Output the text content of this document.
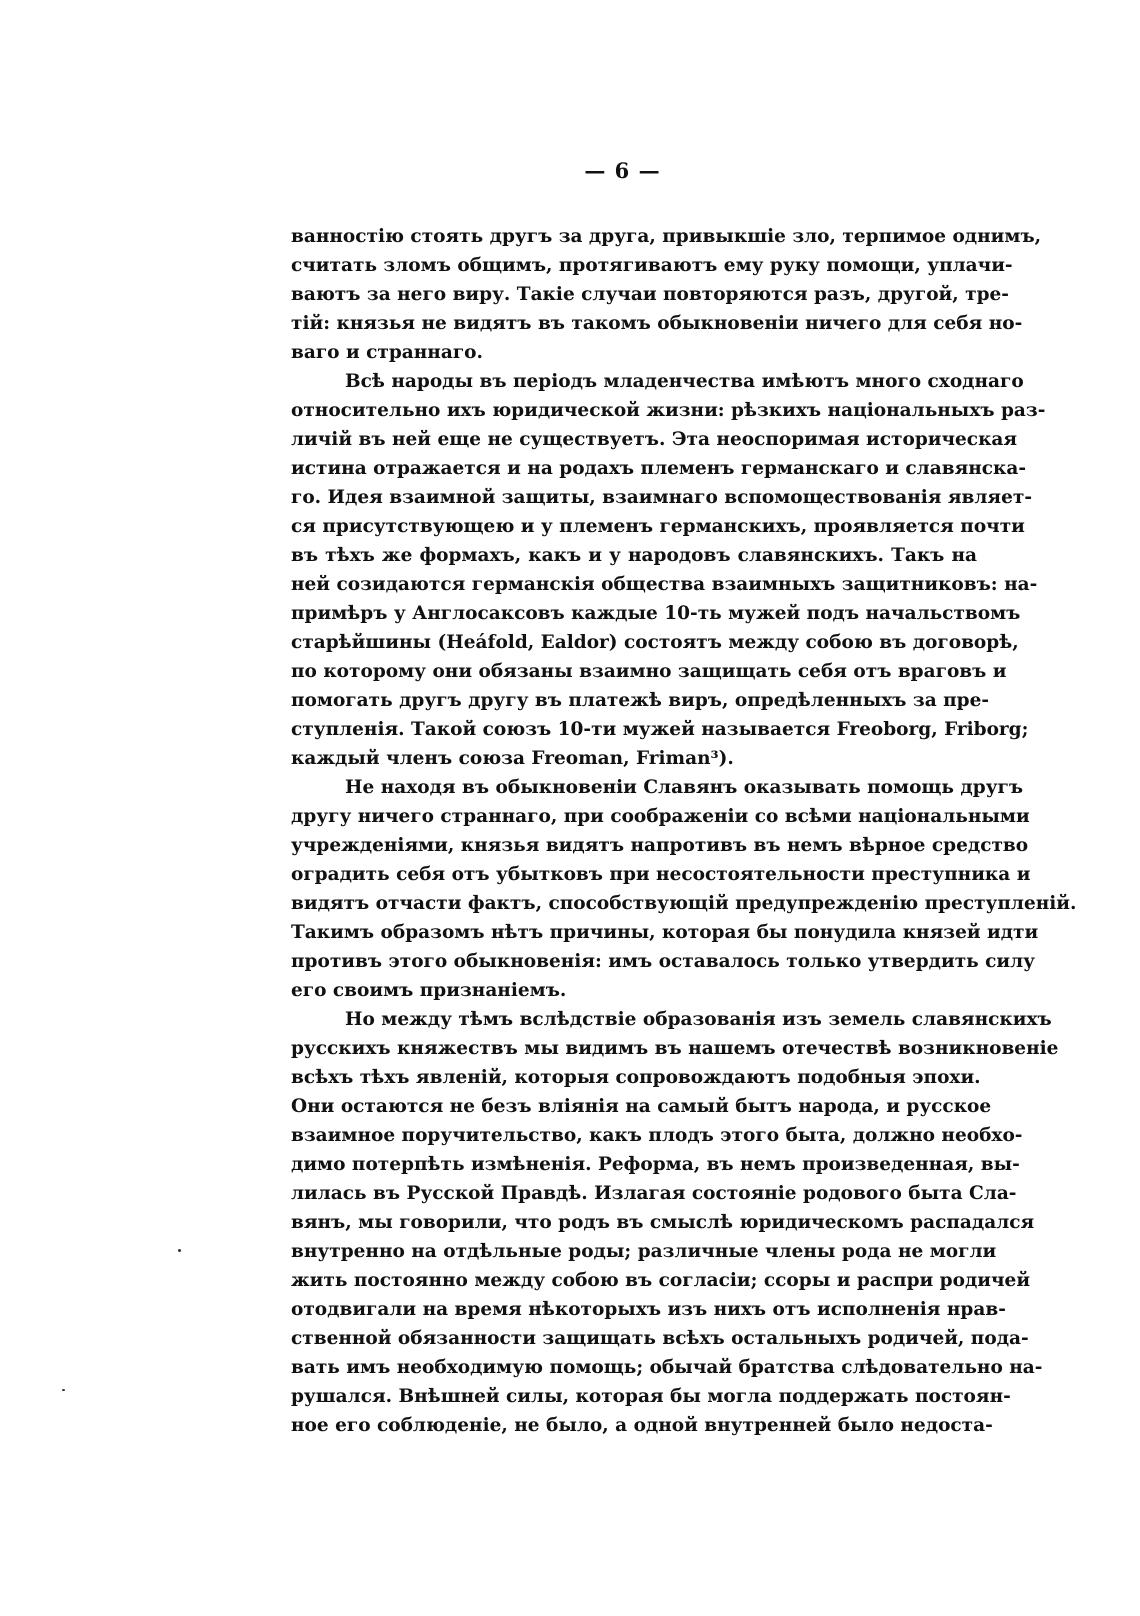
— 6 —
ванностію стоять другъ за друга, привыкшіе зло, терпимое однимъ,
считать зломъ общимъ, протягиваютъ ему руку помощи, уплачи-
ваютъ за него виру. Такіе случаи повторяются разъ, другой, тре-
тій: князья не видятъ въ такомъ обыкновеніи ничего для себя но-
ваго и страннаго.
Всѣ народы въ періодъ младенчества имѣютъ много сходнаго
относительно ихъ юридической жизни: рѣзкихъ національныхъ раз-
личій въ ней еще не существуетъ. Эта неоспоримая историческая
истина отражается и на родахъ племенъ германскаго и славянска-
го. Идея взаимной защиты, взаимнаго вспомоществованія являет-
ся присутствующею и у племенъ германскихъ, проявляется почти
въ тѣхъ же формахъ, какъ и у народовъ славянскихъ. Такъ на
ней созидаются германскія общества взаимныхъ защитниковъ: на-
примѣръ у Англосаксовъ каждые 10-ть мужей подъ начальствомъ
старѣйшины (Heáfold, Ealdor) состоятъ между собою въ договорѣ,
по которому они обязаны взаимно защищать себя отъ враговъ и
помогать другъ другу въ платежѣ виръ, опредѣленныхъ за пре-
ступленія. Такой союзъ 10-ти мужей называется Freoborg, Friborg;
каждый членъ союза Freoman, Friman³).
Не находя въ обыкновеніи Славянъ оказывать помощь другъ
другу ничего страннаго, при соображеніи со всѣми національными
учрежденіями, князья видятъ напротивъ въ немъ вѣрное средство
оградить себя отъ убытковъ при несостоятельности преступника и
видятъ отчасти фактъ, способствующій предупрежденію преступленій.
Такимъ образомъ нѣтъ причины, которая бы понудила князей идти
противъ этого обыкновенія: имъ оставалось только утвердить силу
его своимъ признаніемъ.
Но между тѣмъ вслѣдствіе образованія изъ земель славянскихъ
русскихъ княжествъ мы видимъ въ нашемъ отечествѣ возникновеніе
всѣхъ тѣхъ явленій, которыя сопровождаютъ подобныя эпохи.
Они остаются не безъ вліянія на самый бытъ народа, и русское
взаимное поручительство, какъ плодъ этого быта, должно необхо-
димо потерпѣть измѣненія. Реформа, въ немъ произведенная, вы-
лилась въ Русской Правдѣ. Излагая состояніе родового быта Сла-
вянъ, мы говорили, что родъ въ смыслѣ юридическомъ распадался
внутренно на отдѣльные роды; различные члены рода не могли
жить постоянно между собою въ согласіи; ссоры и распри родичей
отодвигали на время нѣкоторыхъ изъ нихъ отъ исполненія нрав-
ственной обязанности защищать всѣхъ остальныхъ родичей, пода-
вать имъ необходимую помощь; обычай братства слѣдовательно на-
рушался. Внѣшней силы, которая бы могла поддержать постоян-
ное его соблюденіе, не было, а одной внутренней было недоста-
